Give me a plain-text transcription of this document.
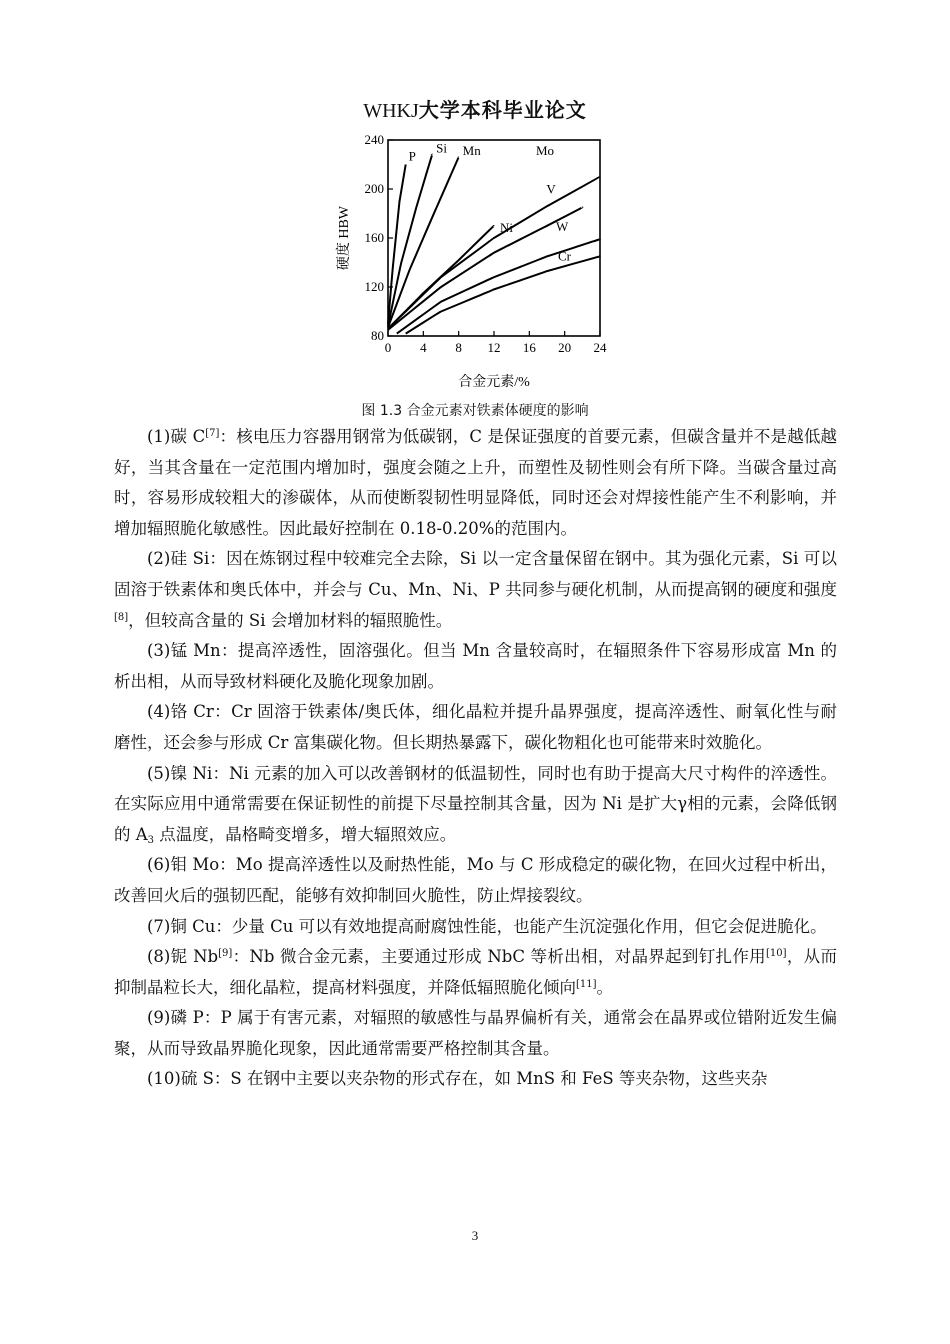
WHKJ大学本科毕业论文
0 4 8 12 16 20 24
80
120
160
200
240
合金元素/%
硬度 HBW
P
Si Mn
Ni
Mo
V
W
Cr
图 1.3 合金元素对铁素体硬度的影响

(1)碳 C[7]：核电压力容器用钢常为低碳钢，C 是保证强度的首要元素，但碳含量并不是越低越好，当其含量在一定范围内增加时，强度会随之上升，而塑性及韧性则会有所下降。当碳含量过高时，容易形成较粗大的渗碳体，从而使断裂韧性明显降低，同时还会对焊接性能产生不利影响，并增加辐照脆化敏感性。因此最好控制在 0.18-0.20%的范围内。

(2)硅 Si：因在炼钢过程中较难完全去除，Si 以一定含量保留在钢中。其为强化元素，Si 可以固溶于铁素体和奥氏体中，并会与 Cu、Mn、Ni、P 共同参与硬化机制，从而提高钢的硬度和强度[8]，但较高含量的 Si 会增加材料的辐照脆性。

(3)锰 Mn：提高淬透性，固溶强化。但当 Mn 含量较高时，在辐照条件下容易形成富 Mn 的析出相，从而导致材料硬化及脆化现象加剧。

(4)铬 Cr：Cr 固溶于铁素体/奥氏体，细化晶粒并提升晶界强度，提高淬透性、耐氧化性与耐磨性，还会参与形成 Cr 富集碳化物。但长期热暴露下，碳化物粗化也可能带来时效脆化。

(5)镍 Ni：Ni 元素的加入可以改善钢材的低温韧性，同时也有助于提高大尺寸构件的淬透性。在实际应用中通常需要在保证韧性的前提下尽量控制其含量，因为 Ni 是扩大γ相的元素，会降低钢的 $A_3$ 点温度，晶格畸变增多，增大辐照效应。

(6)钼 Mo：Mo 提高淬透性以及耐热性能，Mo 与 C 形成稳定的碳化物，在回火过程中析出，改善回火后的强韧匹配，能够有效抑制回火脆性，防止焊接裂纹。

(7)铜 Cu：少量 Cu 可以有效地提高耐腐蚀性能，也能产生沉淀强化作用，但它会促进脆化。

(8)铌 Nb[9]：Nb 微合金元素，主要通过形成 NbC 等析出相，对晶界起到钉扎作用[10]，从而抑制晶粒长大，细化晶粒，提高材料强度，并降低辐照脆化倾向[11]。

(9)磷 P：P 属于有害元素，对辐照的敏感性与晶界偏析有关，通常会在晶界或位错附近发生偏聚，从而导致晶界脆化现象，因此通常需要严格控制其含量。

(10)硫 S：S 在钢中主要以夹杂物的形式存在，如 MnS 和 FeS 等夹杂物，这些夹杂

3
